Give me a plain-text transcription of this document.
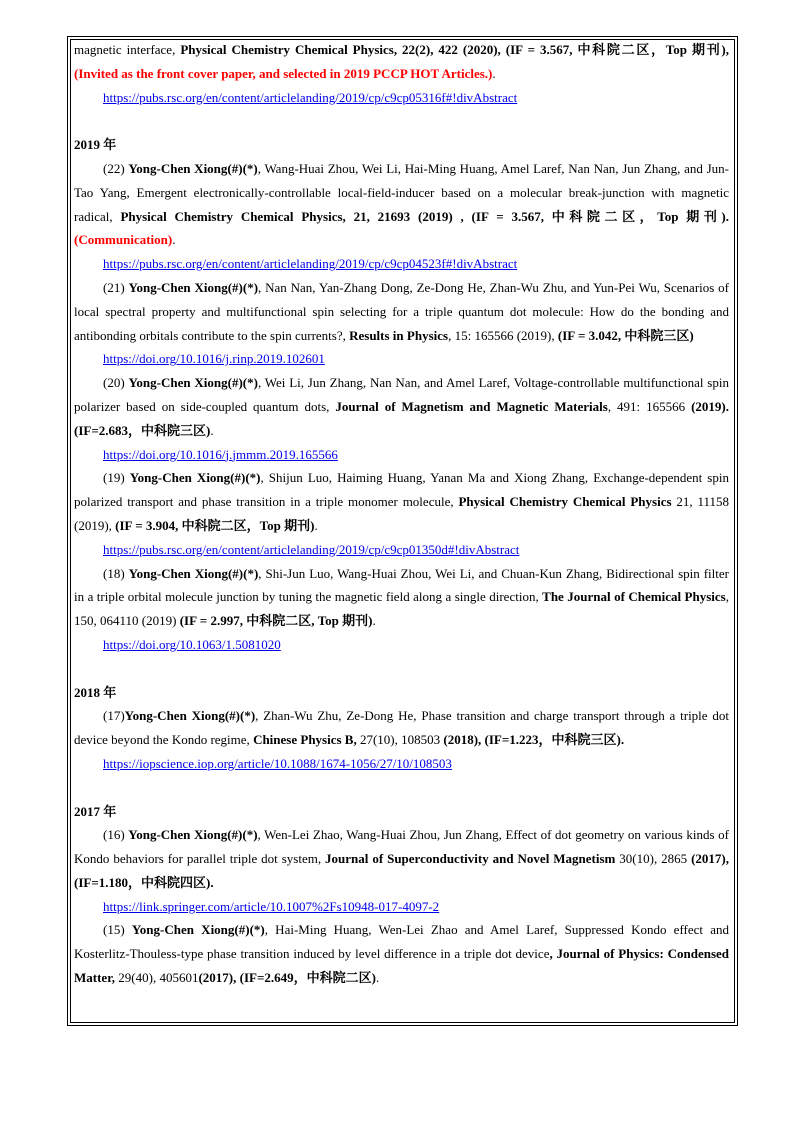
magnetic interface, Physical Chemistry Chemical Physics, 22(2), 422 (2020), (IF = 3.567, 中科院二区，Top 期刊), (Invited as the front cover paper, and selected in 2019 PCCP HOT Articles.).

https://pubs.rsc.org/en/content/articlelanding/2019/cp/c9cp05316f#!divAbstract

2019 年

(22) Yong-Chen Xiong(#)(*), Wang-Huai Zhou, Wei Li, Hai-Ming Huang, Amel Laref, Nan Nan, Jun Zhang, and Jun-Tao Yang, Emergent electronically-controllable local-field-inducer based on a molecular break-junction with magnetic radical, Physical Chemistry Chemical Physics, 21, 21693 (2019) , (IF = 3.567, 中科院二区，Top 期刊). (Communication).

https://pubs.rsc.org/en/content/articlelanding/2019/cp/c9cp04523f#!divAbstract

(21) Yong-Chen Xiong(#)(*), Nan Nan, Yan-Zhang Dong, Ze-Dong He, Zhan-Wu Zhu, and Yun-Pei Wu, Scenarios of local spectral property and multifunctional spin selecting for a triple quantum dot molecule: How do the bonding and antibonding orbitals contribute to the spin currents?, Results in Physics, 15: 165566 (2019), (IF = 3.042, 中科院三区)

https://doi.org/10.1016/j.rinp.2019.102601

(20) Yong-Chen Xiong(#)(*), Wei Li, Jun Zhang, Nan Nan, and Amel Laref, Voltage-controllable multifunctional spin polarizer based on side-coupled quantum dots, Journal of Magnetism and Magnetic Materials, 491: 165566 (2019). (IF=2.683，中科院三区).

https://doi.org/10.1016/j.jmmm.2019.165566

(19) Yong-Chen Xiong(#)(*), Shijun Luo, Haiming Huang, Yanan Ma and Xiong Zhang, Exchange-dependent spin polarized transport and phase transition in a triple monomer molecule, Physical Chemistry Chemical Physics 21, 11158 (2019), (IF = 3.904, 中科院二区，Top 期刊).

https://pubs.rsc.org/en/content/articlelanding/2019/cp/c9cp01350d#!divAbstract

(18) Yong-Chen Xiong(#)(*), Shi-Jun Luo, Wang-Huai Zhou, Wei Li, and Chuan-Kun Zhang, Bidirectional spin filter in a triple orbital molecule junction by tuning the magnetic field along a single direction, The Journal of Chemical Physics, 150, 064110 (2019) (IF = 2.997, 中科院二区, Top 期刊).

https://doi.org/10.1063/1.5081020

2018 年

(17)Yong-Chen Xiong(#)(*), Zhan-Wu Zhu, Ze-Dong He, Phase transition and charge transport through a triple dot device beyond the Kondo regime, Chinese Physics B, 27(10), 108503 (2018), (IF=1.223，中科院三区).

https://iopscience.iop.org/article/10.1088/1674-1056/27/10/108503

2017 年

(16) Yong-Chen Xiong(#)(*), Wen-Lei Zhao, Wang-Huai Zhou, Jun Zhang, Effect of dot geometry on various kinds of Kondo behaviors for parallel triple dot system, Journal of Superconductivity and Novel Magnetism 30(10), 2865 (2017), (IF=1.180，中科院四区).

https://link.springer.com/article/10.1007%2Fs10948-017-4097-2

(15) Yong-Chen Xiong(#)(*), Hai-Ming Huang, Wen-Lei Zhao and Amel Laref, Suppressed Kondo effect and Kosterlitz-Thouless-type phase transition induced by level difference in a triple dot device, Journal of Physics: Condensed Matter, 29(40), 405601(2017), (IF=2.649，中科院二区).
